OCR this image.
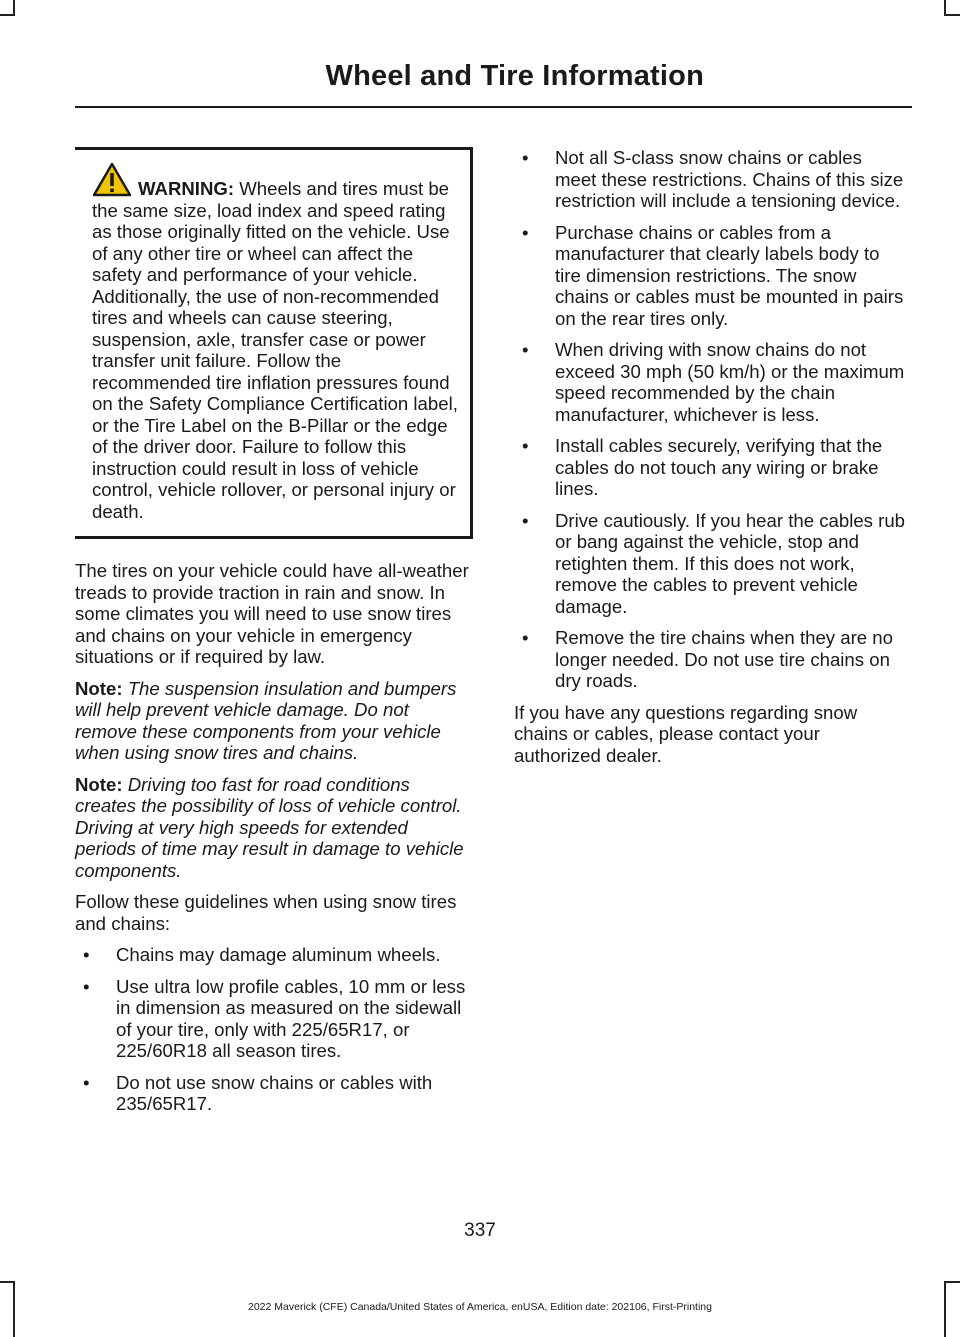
Wheel and Tire Information
WARNING: Wheels and tires must be the same size, load index and speed rating as those originally fitted on the vehicle. Use of any other tire or wheel can affect the safety and performance of your vehicle. Additionally, the use of non-recommended tires and wheels can cause steering, suspension, axle, transfer case or power transfer unit failure. Follow the recommended tire inflation pressures found on the Safety Compliance Certification label, or the Tire Label on the B-Pillar or the edge of the driver door. Failure to follow this instruction could result in loss of vehicle control, vehicle rollover, or personal injury or death.

The tires on your vehicle could have all-weather treads to provide traction in rain and snow. In some climates you will need to use snow tires and chains on your vehicle in emergency situations or if required by law.

Note: The suspension insulation and bumpers will help prevent vehicle damage. Do not remove these components from your vehicle when using snow tires and chains.

Note: Driving too fast for road conditions creates the possibility of loss of vehicle control. Driving at very high speeds for extended periods of time may result in damage to vehicle components.

Follow these guidelines when using snow tires and chains:

• Chains may damage aluminum wheels.
• Use ultra low profile cables, 10 mm or less in dimension as measured on the sidewall of your tire, only with 225/65R17, or 225/60R18 all season tires.
• Do not use snow chains or cables with 235/65R17.
• Not all S-class snow chains or cables meet these restrictions. Chains of this size restriction will include a tensioning device.
• Purchase chains or cables from a manufacturer that clearly labels body to tire dimension restrictions. The snow chains or cables must be mounted in pairs on the rear tires only.
• When driving with snow chains do not exceed 30 mph (50 km/h) or the maximum speed recommended by the chain manufacturer, whichever is less.
• Install cables securely, verifying that the cables do not touch any wiring or brake lines.
• Drive cautiously. If you hear the cables rub or bang against the vehicle, stop and retighten them. If this does not work, remove the cables to prevent vehicle damage.
• Remove the tire chains when they are no longer needed. Do not use tire chains on dry roads.

If you have any questions regarding snow chains or cables, please contact your authorized dealer.

337
2022 Maverick (CFE) Canada/United States of America, enUSA, Edition date: 202106, First-Printing
